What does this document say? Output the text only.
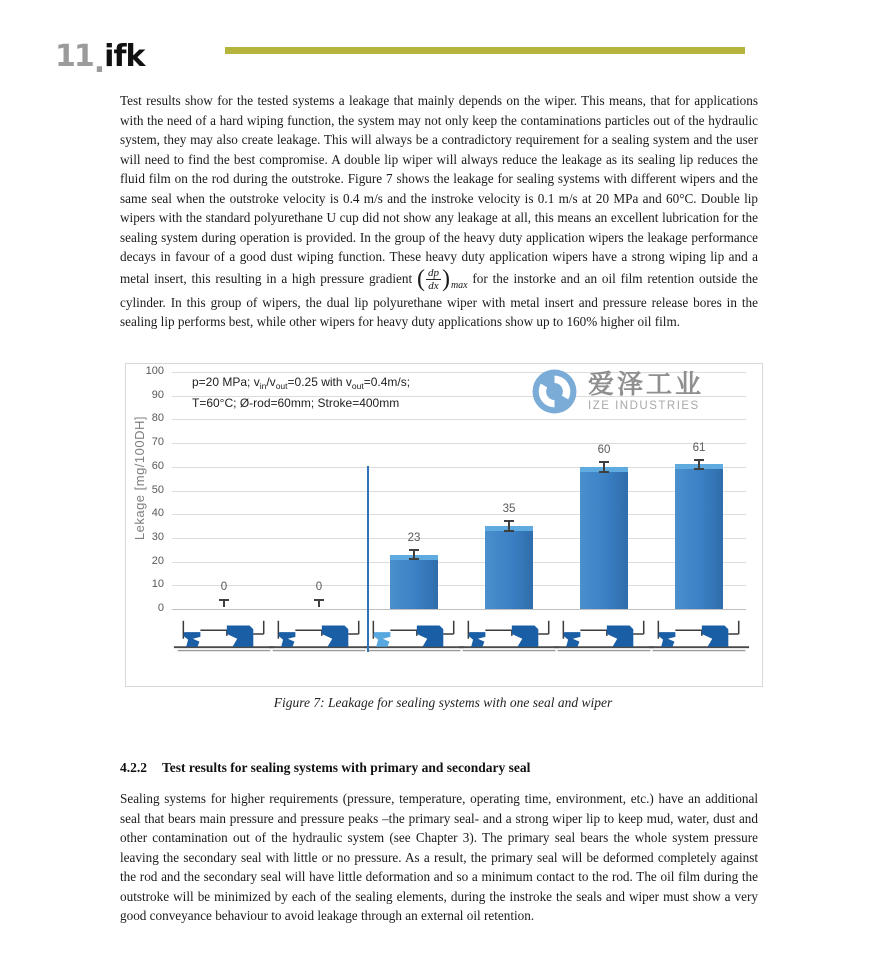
11.ifk

Test results show for the tested systems a leakage that mainly depends on the wiper. This means, that for applications with the need of a hard wiping function, the system may not only keep the contaminations particles out of the hydraulic system, they may also create leakage. This will always be a contradictory requirement for a sealing system and the user will need to find the best compromise. A double lip wiper will always reduce the leakage as its sealing lip reduces the fluid film on the rod during the outstroke. Figure 7 shows the leakage for sealing systems with different wipers and the same seal when the outstroke velocity is 0.4 m/s and the instroke velocity is 0.1 m/s at 20 MPa and 60°C. Double lip wipers with the standard polyurethane U cup did not show any leakage at all, this means an excellent lubrication for the sealing system during operation is provided. In the group of the heavy duty application wipers the leakage performance decays in favour of a good dust wiping function. These heavy duty application wipers have a strong wiping lip and a metal insert, this resulting in a high pressure gradient ( $\frac{dp}{dx}$ ) max for the instorke and an oil film retention outside the cylinder. In this group of wipers, the dual lip polyurethane wiper with metal insert and pressure release bores in the sealing lip performs best, while other wipers for heavy duty applications show up to 160% higher oil film.

Lekage [mg/100DH]
p=20 MPa; $v_{in}/v_{out}=0.25$ with $v_{out}=0.4m/s$;
T=60°C; Ø-rod=60mm; Stroke=400mm
爱泽工业
IZE INDUSTRIES
0
10
20
30
40
50
60
70
80
90
100
0	0
23
35
60	61
Figure 7: Leakage for sealing systems with one seal and wiper
4.2.2 Test results for sealing systems with primary and secondary seal

Sealing systems for higher requirements (pressure, temperature, operating time, environment, etc.) have an additional seal that bears main pressure and pressure peaks –the primary seal- and a strong wiper lip to keep mud, water, dust and other contamination out of the hydraulic system (see Chapter 3). The primary seal bears the whole system pressure leaving the secondary seal with little or no pressure. As a result, the primary seal will be deformed completely against the rod and the secondary seal will have little deformation and so a minimum contact to the rod. The oil film during the outstroke will be minimized by each of the sealing elements, during the instroke the seals and wiper must show a very good conveyance behaviour to avoid leakage through an external oil retention.
